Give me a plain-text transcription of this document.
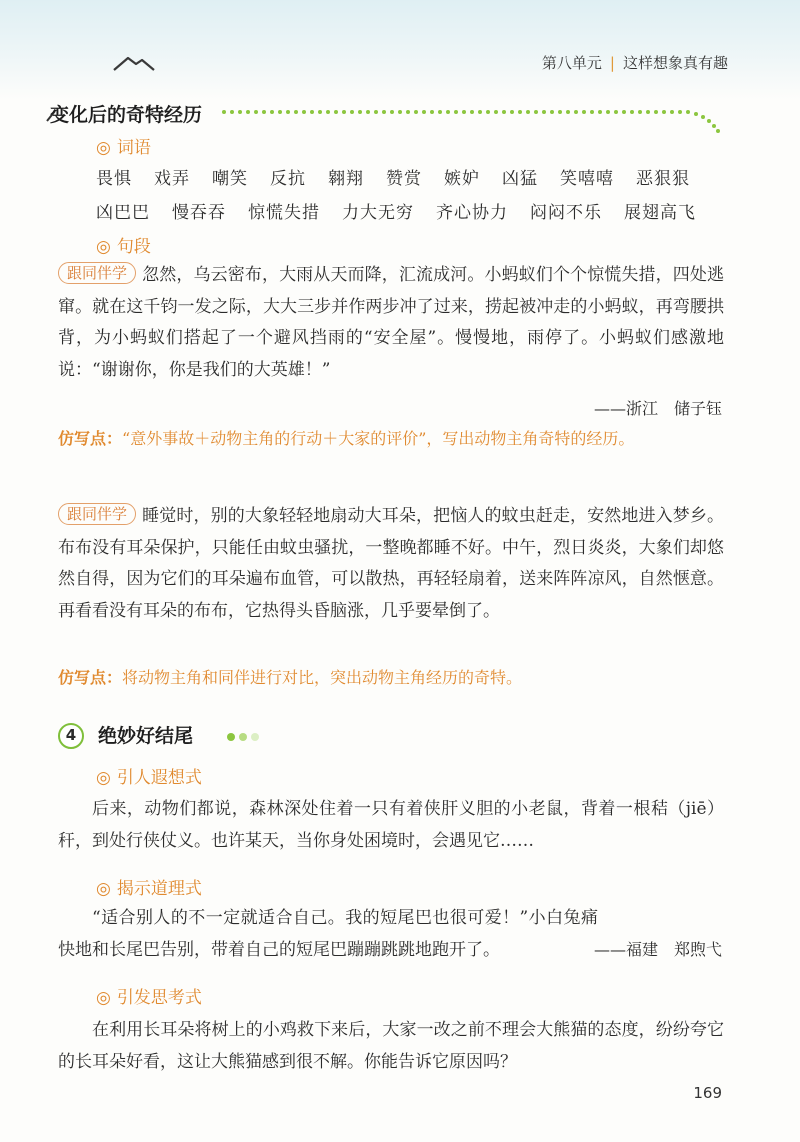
第八单元 | 这样想象真有趣
变化后的奇特经历
◎ 词语
畏惧 戏弄 嘲笑 反抗 翱翔 赞赏 嫉妒 凶猛 笑嘻嘻 恶狠狠
凶巴巴 慢吞吞 惊慌失措 力大无穷 齐心协力 闷闷不乐 展翅高飞
◎ 句段
跟同伴学 忽然，乌云密布，大雨从天而降，汇流成河。小蚂蚁们个个惊慌失措，四处逃窜。就在这千钧一发之际，大大三步并作两步冲了过来，捞起被冲走的小蚂蚁，再弯腰拱背，为小蚂蚁们搭起了一个避风挡雨的“安全屋”。慢慢地，雨停了。小蚂蚁们感激地说：“谢谢你，你是我们的大英雄！”
——浙江　储子钰
仿写点：“意外事故＋动物主角的行动＋大家的评价”，写出动物主角奇特的经历。
跟同伴学 睡觉时，别的大象轻轻地扇动大耳朵，把恼人的蚊虫赶走，安然地进入梦乡。布布没有耳朵保护，只能任由蚊虫骚扰，一整晚都睡不好。中午，烈日炎炎，大象们却悠然自得，因为它们的耳朵遍布血管，可以散热，再轻轻扇着，送来阵阵凉风，自然惬意。再看看没有耳朵的布布，它热得头昏脑涨，几乎要晕倒了。
仿写点：将动物主角和同伴进行对比，突出动物主角经历的奇特。
4	绝妙好结尾
◎ 引人遐想式
后来，动物们都说，森林深处住着一只有着侠肝义胆的小老鼠，背着一根秸（jiē）秆，到处行侠仗义。也许某天，当你身处困境时，会遇见它……
◎ 揭示道理式
“适合别人的不一定就适合自己。我的短尾巴也很可爱！”小白兔痛快地和长尾巴告别，带着自己的短尾巴蹦蹦跳跳地跑开了。	——福建　郑煦弋
◎ 引发思考式
在利用长耳朵将树上的小鸡救下来后，大家一改之前不理会大熊猫的态度，纷纷夸它的长耳朵好看，这让大熊猫感到很不解。你能告诉它原因吗？
169
